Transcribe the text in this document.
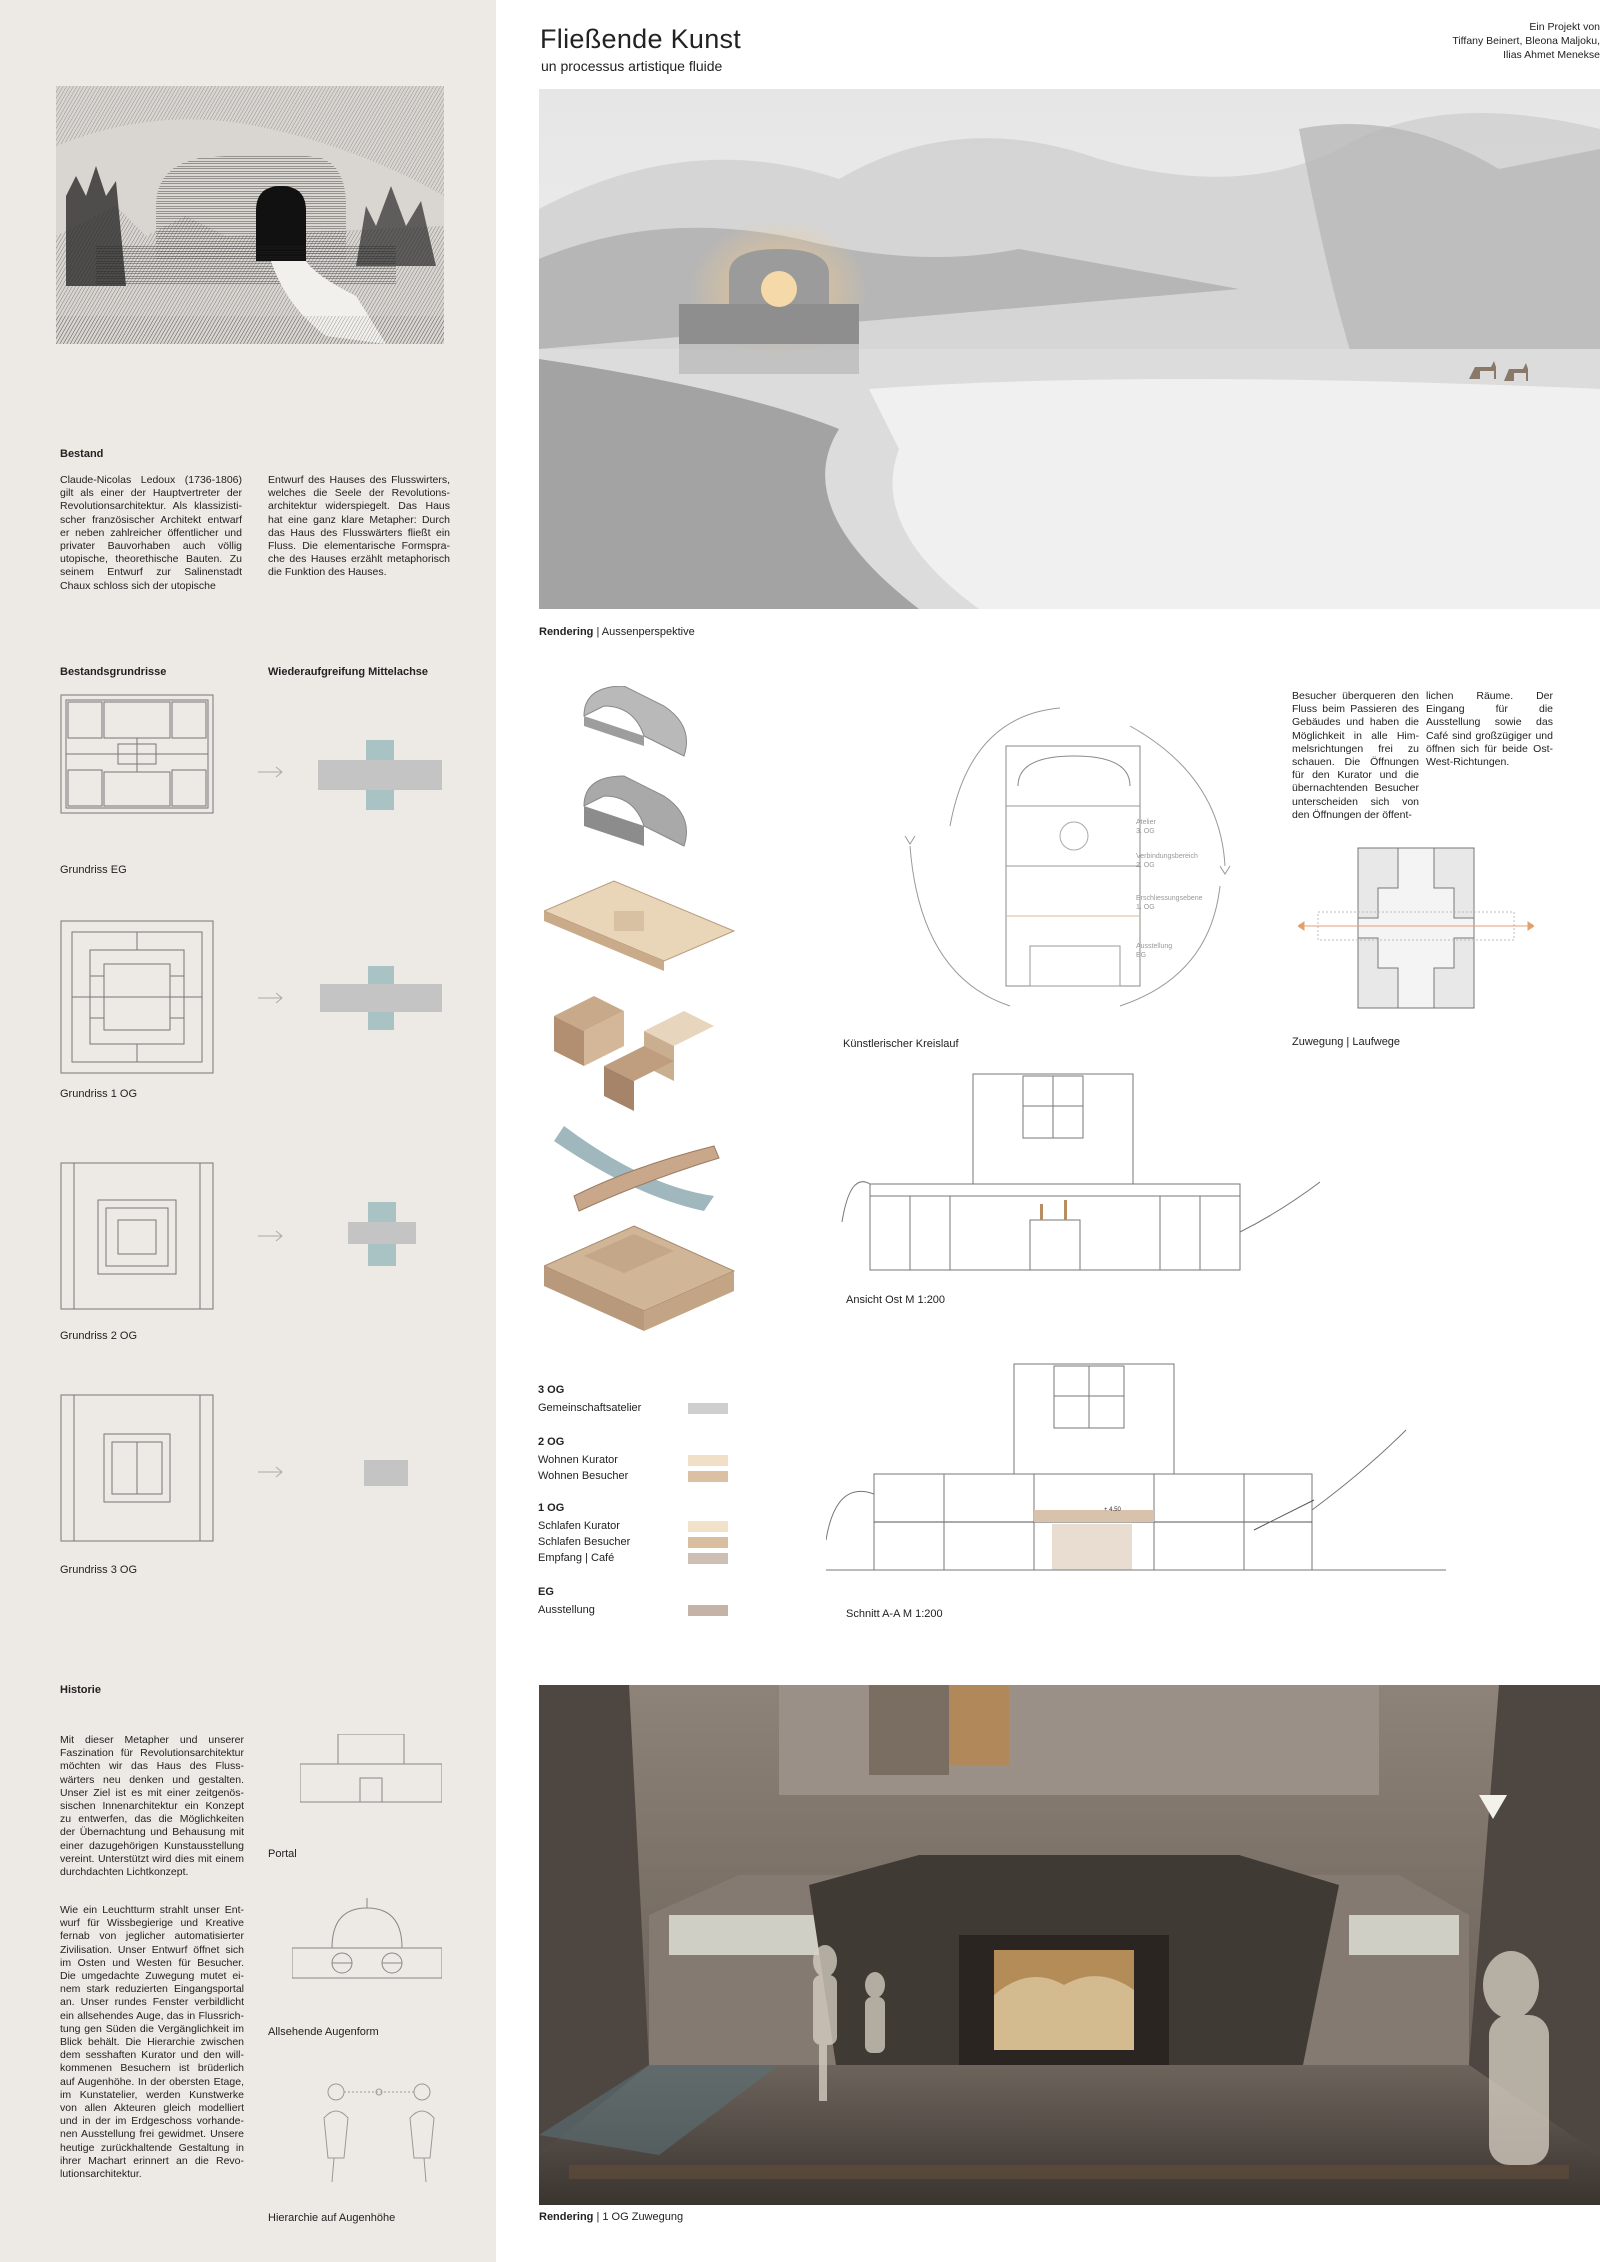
Bestand
Claude-Nicolas Ledoux (1736-1806) gilt als einer der Hauptvertreter der Revolutionsarchitektur. Als klassizistischer französischer Architekt entwarf er neben zahlreicher öffentlicher und privater Bauvorhaben auch völlig utopische, theorethische Bauten. Zu seinem Entwurf zur Salinenstadt Chaux schloss sich der utopische
Entwurf des Hauses des Flusswirters, welches die Seele der Revolutionsarchitektur widerspiegelt. Das Haus hat eine ganz klare Metapher: Durch das Haus des Flusswärters fließt ein Fluss. Die elementarische Formsprache des Hauses erzählt metaphorisch die Funktion des Hauses.
Bestandsgrundrisse	Wiederaufgreifung Mittelachse
Grundriss EG
Grundriss 1 OG
Grundriss 2 OG
Grundriss 3 OG
Historie
Mit dieser Metapher und unserer Faszination für Revolutionsarchitektur möchten wir das Haus des Flusswärters neu denken und gestalten. Unser Ziel ist es mit einer zeitgenössischen Innenarchitektur ein Konzept zu entwerfen, das die Möglichkeiten der Übernachtung und Behausung mit einer dazugehörigen Kunstausstellung vereint. Unterstützt wird dies mit einem durchdachten Lichtkonzept.
Wie ein Leuchtturm strahlt unser Entwurf für Wissbegierige und Kreative fernab von jeglicher automatisierter Zivilisation. Unser Entwurf öffnet sich im Osten und Westen für Besucher. Die umgedachte Zuwegung mutet einem stark reduzierten Eingangsportal an. Unser rundes Fenster verbildlicht ein allsehendes Auge, das in Flussrichtung gen Süden die Vergänglichkeit im Blick behält. Die Hierarchie zwischen dem sesshaften Kurator und den willkommenen Besuchern ist brüderlich auf Augenhöhe. In der obersten Etage, im Kunstatelier, werden Kunstwerke von allen Akteuren gleich modelliert und in der im Erdgeschoss vorhandenen Ausstellung frei gewidmet. Unsere heutige zurückhaltende Gestaltung in ihrer Machart erinnert an die Revolutionsarchitektur.
Portal
Allsehende Augenform
Hierarchie auf Augenhöhe
Fließende Kunst
un processus artistique fluide
Ein Projekt von
Tiffany Beinert, Bleona Maljoku,
Ilias Ahmet Menekse
Rendering | Aussenperspektive
Atelier
3. OG
Verbindungsbereich
2. OG
Erschliessungsebene
1. OG
Ausstellung
EG
Künstlerischer Kreislauf
Besucher überqueren den Fluss beim Passieren des Gebäudes und haben die Möglichkeit in alle Himmelsrichtungen frei zu schauen. Die Öffnungen für den Kurator und die übernachtenden Besucher unterscheiden sich von den Öffnungen der öffent-
lichen Räume. Der Eingang für die Ausstellung sowie das Café sind großzügiger und öffnen sich für beide Ost-West-Richtungen.
Zuwegung | Laufwege
Ansicht Ost M 1:200
3 OG
Gemeinschaftsatelier
2 OG
Wohnen Kurator
Wohnen Besucher
1 OG
Schlafen Kurator
Schlafen Besucher
Empfang | Café
EG
Ausstellung
+ 4.50
Schnitt A-A M 1:200
Rendering | 1 OG Zuwegung
